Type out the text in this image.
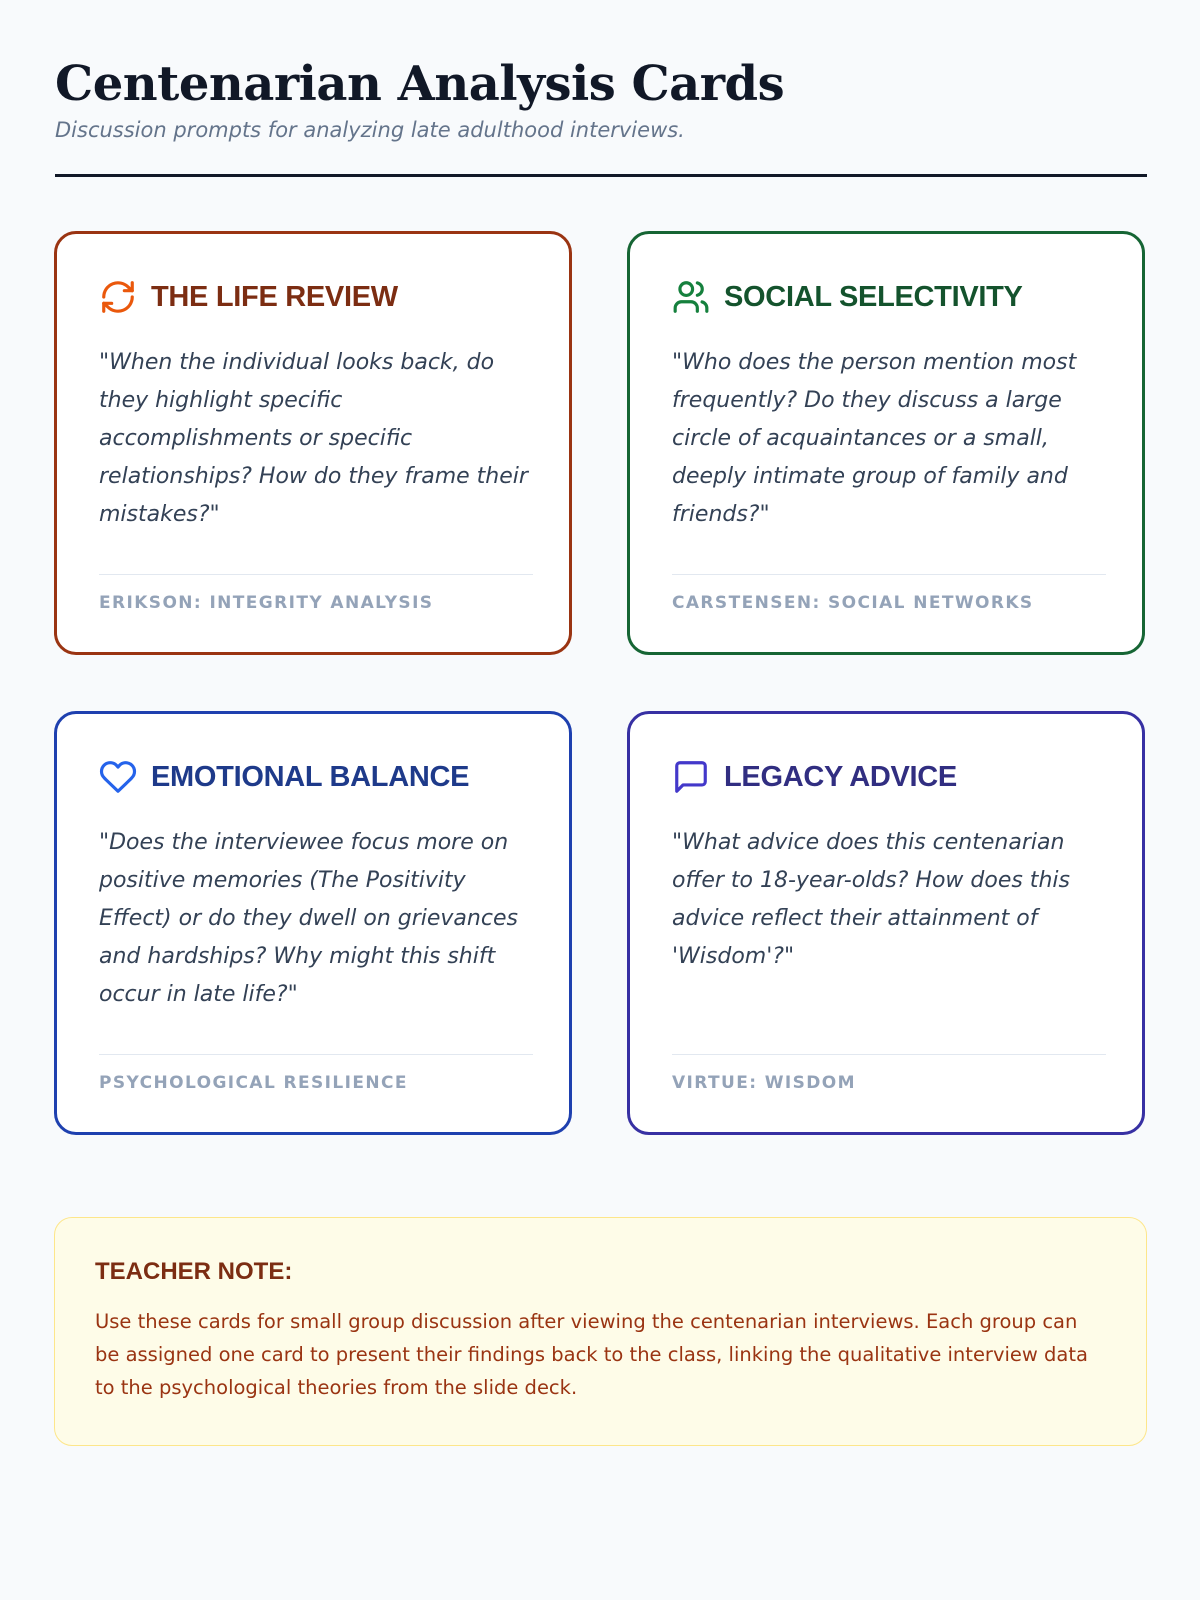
Centenarian Analysis Cards

Discussion prompts for analyzing late adulthood interviews.

THE LIFE REVIEW

"When the individual looks back, do they highlight specific accomplishments or specific relationships? How do they frame their mistakes?"

ERIKSON: INTEGRITY ANALYSIS
SOCIAL SELECTIVITY

"Who does the person mention most frequently? Do they discuss a large circle of acquaintances or a small, deeply intimate group of family and friends?"

CARSTENSEN: SOCIAL NETWORKS
EMOTIONAL BALANCE

"Does the interviewee focus more on positive memories (The Positivity Effect) or do they dwell on grievances and hardships? Why might this shift occur in late life?"

PSYCHOLOGICAL RESILIENCE
LEGACY ADVICE

"What advice does this centenarian offer to 18-year-olds? How does this advice reflect their attainment of 'Wisdom'?"

VIRTUE: WISDOM
TEACHER NOTE:

Use these cards for small group discussion after viewing the centenarian interviews. Each group can be assigned one card to present their findings back to the class, linking the qualitative interview data to the psychological theories from the slide deck.
